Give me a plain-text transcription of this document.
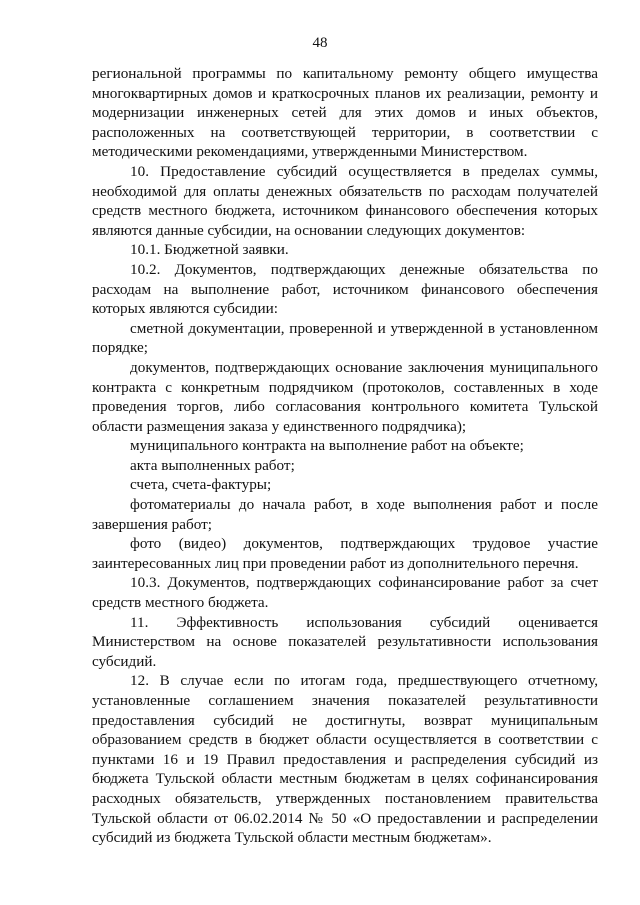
48

региональной программы по капитальному ремонту общего имущества многоквартирных домов и краткосрочных планов их реализации, ремонту и модернизации инженерных сетей для этих домов и иных объектов, расположенных на соответствующей территории, в соответствии с методическими рекомендациями, утвержденными Министерством.

10. Предоставление субсидий осуществляется в пределах суммы, необходимой для оплаты денежных обязательств по расходам получателей средств местного бюджета, источником финансового обеспечения которых являются данные субсидии, на основании следующих документов:

10.1. Бюджетной заявки.

10.2. Документов, подтверждающих денежные обязательства по расходам на выполнение работ, источником финансового обеспечения которых являются субсидии:

сметной документации, проверенной и утвержденной в установленном порядке;

документов, подтверждающих основание заключения муниципального контракта с конкретным подрядчиком (протоколов, составленных в ходе проведения торгов, либо согласования контрольного комитета Тульской области размещения заказа у единственного подрядчика);

муниципального контракта на выполнение работ на объекте;

акта выполненных работ;

счета, счета-фактуры;

фотоматериалы до начала работ, в ходе выполнения работ и после завершения работ;

фото (видео) документов, подтверждающих трудовое участие заинтересованных лиц при проведении работ из дополнительного перечня.

10.3. Документов, подтверждающих софинансирование работ за счет средств местного бюджета.

11. Эффективность использования субсидий оценивается Министерством на основе показателей результативности использования субсидий.

12. В случае если по итогам года, предшествующего отчетному, установленные соглашением значения показателей результативности предоставления субсидий не достигнуты, возврат муниципальным образованием средств в бюджет области осуществляется в соответствии с пунктами 16 и 19 Правил предоставления и распределения субсидий из бюджета Тульской области местным бюджетам в целях софинансирования расходных обязательств, утвержденных постановлением правительства Тульской области от 06.02.2014 № 50 «О предоставлении и распределении субсидий из бюджета Тульской области местным бюджетам».
